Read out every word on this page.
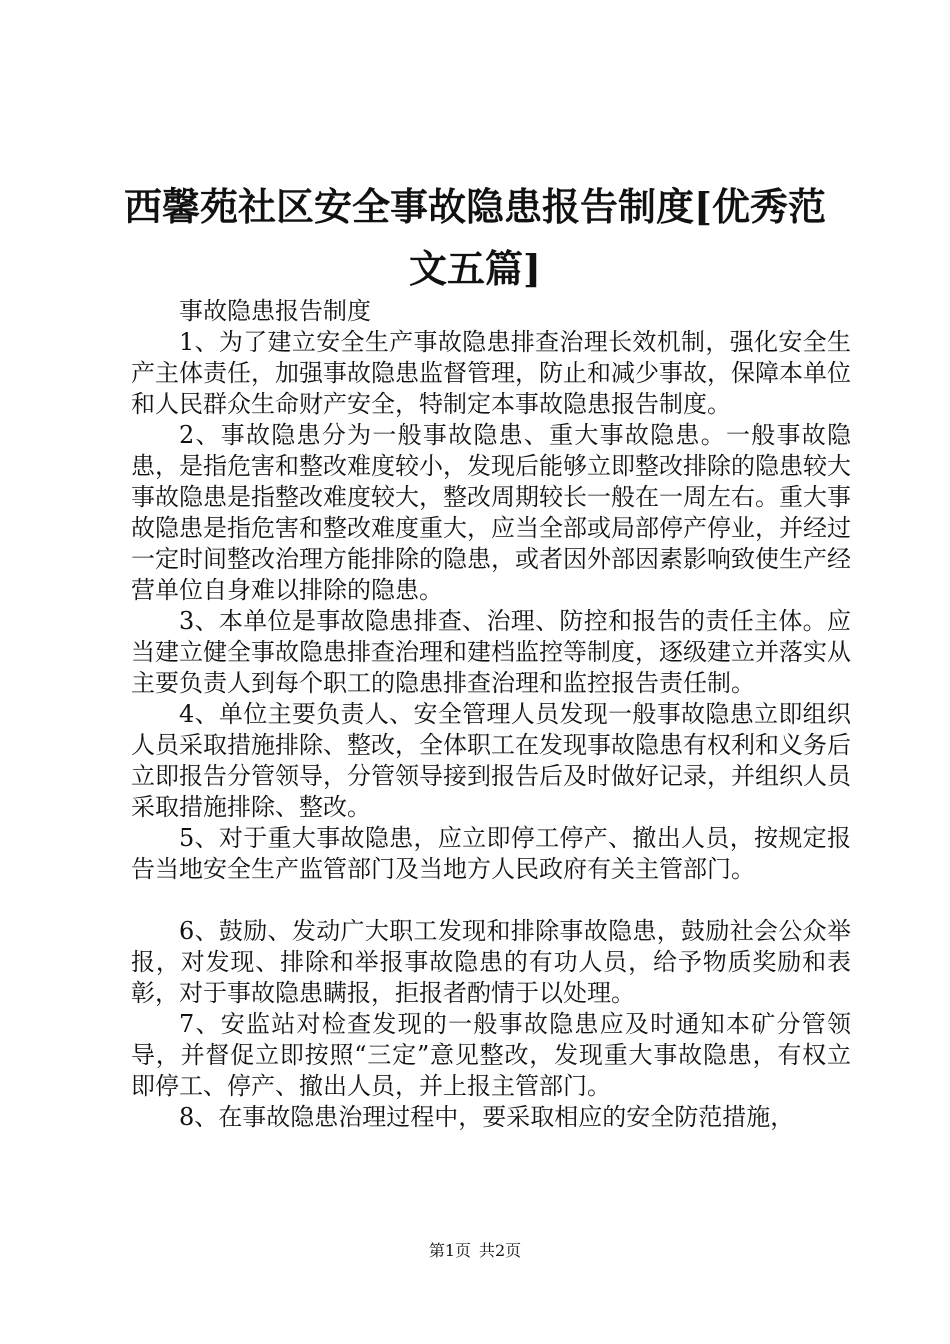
西馨苑社区安全事故隐患报告制度[优秀范文五篇]

事故隐患报告制度

1、为了建立安全生产事故隐患排查治理长效机制，强化安全生产主体责任，加强事故隐患监督管理，防止和减少事故，保障本单位和人民群众生命财产安全，特制定本事故隐患报告制度。

2、事故隐患分为一般事故隐患、重大事故隐患。一般事故隐患，是指危害和整改难度较小，发现后能够立即整改排除的隐患较大事故隐患是指整改难度较大，整改周期较长一般在一周左右。重大事故隐患是指危害和整改难度重大，应当全部或局部停产停业，并经过一定时间整改治理方能排除的隐患，或者因外部因素影响致使生产经营单位自身难以排除的隐患。

3、本单位是事故隐患排查、治理、防控和报告的责任主体。应当建立健全事故隐患排查治理和建档监控等制度，逐级建立并落实从主要负责人到每个职工的隐患排查治理和监控报告责任制。

4、单位主要负责人、安全管理人员发现一般事故隐患立即组织人员采取措施排除、整改，全体职工在发现事故隐患有权利和义务后立即报告分管领导，分管领导接到报告后及时做好记录，并组织人员采取措施排除、整改。

5、对于重大事故隐患，应立即停工停产、撤出人员，按规定报告当地安全生产监管部门及当地方人民政府有关主管部门。

6、鼓励、发动广大职工发现和排除事故隐患，鼓励社会公众举报，对发现、排除和举报事故隐患的有功人员，给予物质奖励和表彰，对于事故隐患瞒报，拒报者酌情于以处理。

7、安监站对检查发现的一般事故隐患应及时通知本矿分管领导，并督促立即按照“三定”意见整改，发现重大事故隐患，有权立即停工、停产、撤出人员，并上报主管部门。

8、在事故隐患治理过程中，要采取相应的安全防范措施，

第1页 共2页
